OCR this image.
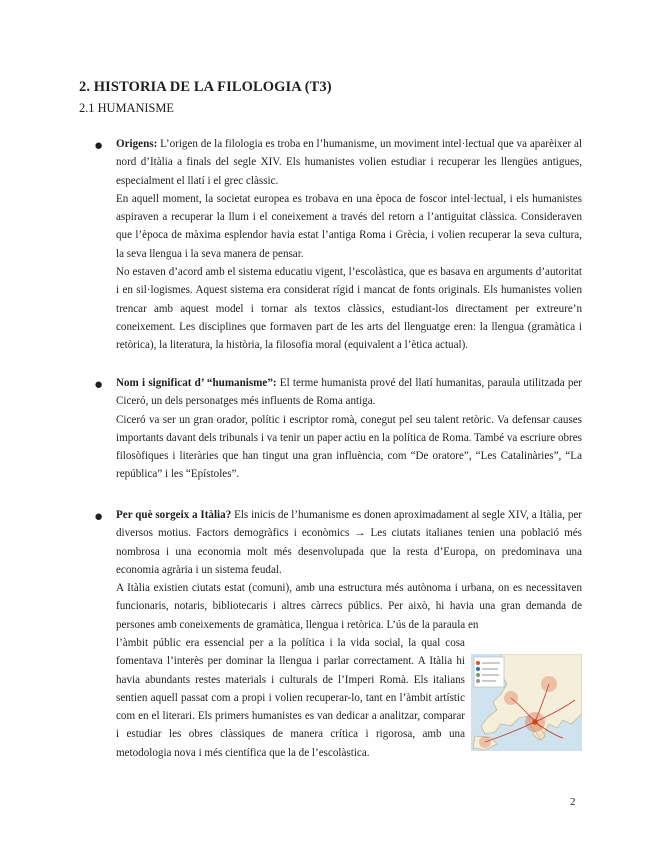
2. HISTORIA DE LA FILOLOGIA (T3)
2.1 HUMANISME
● Origens: L’origen de la filologia es troba en l’humanisme, un moviment intel·lectual que va aparèixer al nord d’Itàlia a finals del segle XIV. Els humanistes volien estudiar i recuperar les llengües antigues, especialment el llatí i el grec clàssic.

En aquell moment, la societat europea es trobava en una època de foscor intel·lectual, i els humanistes aspiraven a recuperar la llum i el coneixement a través del retorn a l’antiguitat clàssica. Consideraven que l’època de màxima esplendor havia estat l’antiga Roma i Grècia, i volien recuperar la seva cultura, la seva llengua i la seva manera de pensar.

No estaven d’acord amb el sistema educatiu vigent, l’escolàstica, que es basava en arguments d’autoritat i en sil·logismes. Aquest sistema era considerat rígid i mancat de fonts originals. Els humanistes volien trencar amb aquest model i tornar als textos clàssics, estudiant-los directament per extreure’n coneixement. Les disciplines que formaven part de les arts del llenguatge eren: la llengua (gramàtica i retòrica), la literatura, la història, la filosofia moral (equivalent a l’ètica actual).

● Nom i significat d’ “humanisme”: El terme humanista prové del llatí humanitas, paraula utilitzada per Ciceró, un dels personatges més influents de Roma antiga.

Ciceró va ser un gran orador, polític i escriptor romà, conegut pel seu talent retòric. Va defensar causes importants davant dels tribunals i va tenir un paper actiu en la política de Roma. També va escriure obres filosòfiques i literàries que han tingut una gran influència, com “De oratore”, “Les Catalinàries”, “La república” i les “Epístoles”.

● Per què sorgeix a Itàlia? Els inicis de l’humanisme es donen aproximadament al segle XIV, a Itàlia, per diversos motius. Factors demogràfics i econòmics → Les ciutats italianes tenien una població més nombrosa i una economia molt més desenvolupada que la resta d’Europa, on predominava una economia agrària i un sistema feudal.

A Itàlia existien ciutats estat (comuni), amb una estructura més autònoma i urbana, on es necessitaven funcionaris, notaris, bibliotecaris i altres càrrecs públics. Per això, hi havia una gran demanda de persones amb coneixements de gramàtica, llengua i retòrica. L’ús de la paraula en

l’àmbit públic era essencial per a la política i la vida social, la qual cosa fomentava l’interès per dominar la llengua i parlar correctament. A Itàlia hi havia abundants restes materials i culturals de l’Imperi Romà. Els italians sentien aquell passat com a propi i volien recuperar-lo, tant en l’àmbit artístic com en el literari. Els primers humanistes es van dedicar a analitzar, comparar i estudiar les obres clàssiques de manera crítica i rigorosa, amb una metodologia nova i més científica que la de l’escolàstica.

2
